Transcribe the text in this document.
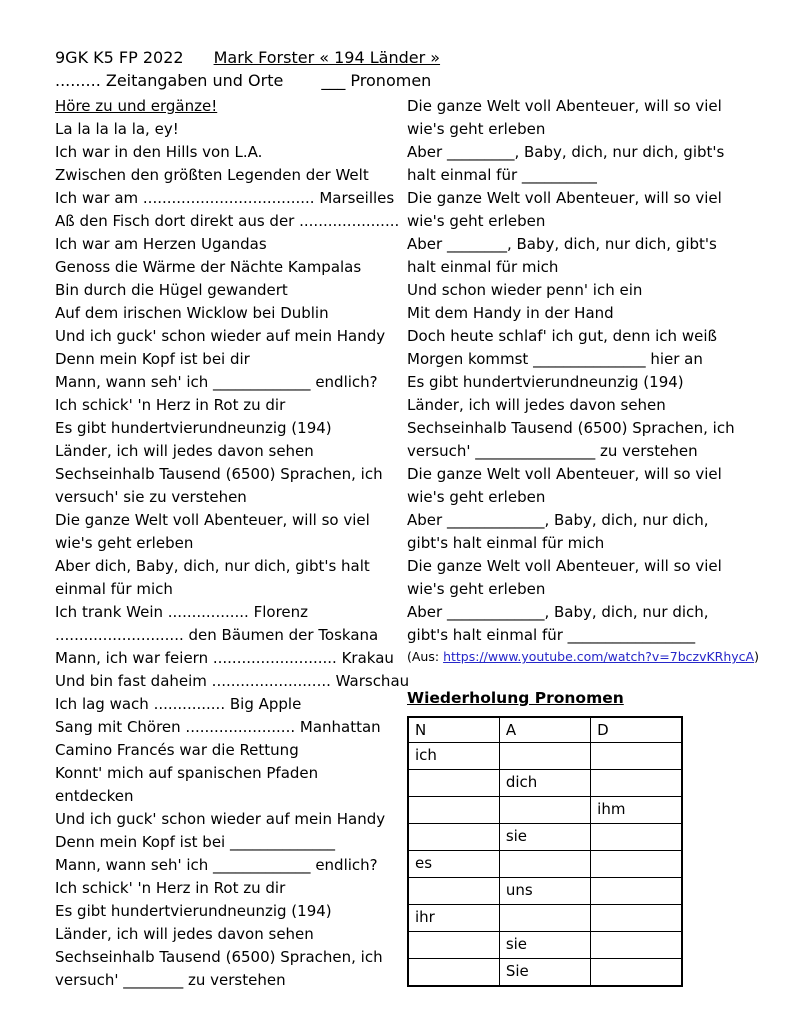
9GK K5 FP 2022 Mark Forster « 194 Länder »
......... Zeitangaben und Orte ___ Pronomen
Höre zu und ergänze!
La la la la la, ey!
Ich war in den Hills von L.A.
Zwischen den größten Legenden der Welt
Ich war am .................................... Marseilles
Aß den Fisch dort direkt aus der .....................
Ich war am Herzen Ugandas
Genoss die Wärme der Nächte Kampalas
Bin durch die Hügel gewandert
Auf dem irischen Wicklow bei Dublin
Und ich guck' schon wieder auf mein Handy
Denn mein Kopf ist bei dir
Mann, wann seh' ich _____________ endlich?
Ich schick' 'n Herz in Rot zu dir
Es gibt hundertvierundneunzig (194)
Länder, ich will jedes davon sehen
Sechseinhalb Tausend (6500) Sprachen, ich
versuch' sie zu verstehen
Die ganze Welt voll Abenteuer, will so viel
wie's geht erleben
Aber dich, Baby, dich, nur dich, gibt's halt
einmal für mich
Ich trank Wein ................. Florenz
........................... den Bäumen der Toskana
Mann, ich war feiern .......................... Krakau
Und bin fast daheim ......................... Warschau
Ich lag wach ............... Big Apple
Sang mit Chören ....................... Manhattan
Camino Francés war die Rettung
Konnt' mich auf spanischen Pfaden
entdecken
Und ich guck' schon wieder auf mein Handy
Denn mein Kopf ist bei ______________
Mann, wann seh' ich _____________ endlich?
Ich schick' 'n Herz in Rot zu dir
Es gibt hundertvierundneunzig (194)
Länder, ich will jedes davon sehen
Sechseinhalb Tausend (6500) Sprachen, ich
versuch' ________ zu verstehen
Die ganze Welt voll Abenteuer, will so viel
wie's geht erleben
Aber _________, Baby, dich, nur dich, gibt's
halt einmal für __________
Die ganze Welt voll Abenteuer, will so viel
wie's geht erleben
Aber ________, Baby, dich, nur dich, gibt's
halt einmal für mich
Und schon wieder penn' ich ein
Mit dem Handy in der Hand
Doch heute schlaf' ich gut, denn ich weiß
Morgen kommst _______________ hier an
Es gibt hundertvierundneunzig (194)
Länder, ich will jedes davon sehen
Sechseinhalb Tausend (6500) Sprachen, ich
versuch' ________________ zu verstehen
Die ganze Welt voll Abenteuer, will so viel
wie's geht erleben
Aber _____________, Baby, dich, nur dich,
gibt's halt einmal für mich
Die ganze Welt voll Abenteuer, will so viel
wie's geht erleben
Aber _____________, Baby, dich, nur dich,
gibt's halt einmal für _________________
(Aus: https://www.youtube.com/watch?v=7bczvKRhycA)
Wiederholung Pronomen
N	A	D
ich		
	dich	
		ihm
	sie	
es		
	uns	
ihr		
	sie	
	Sie	
